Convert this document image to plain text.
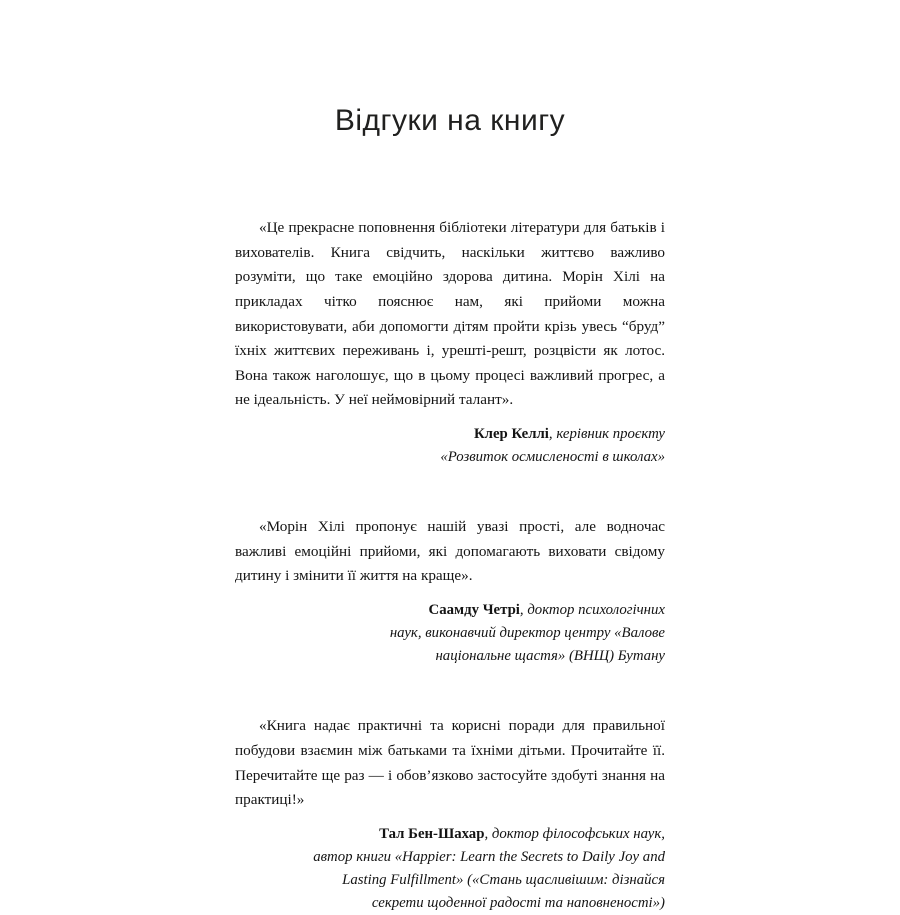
Відгуки на книгу

«Це прекрасне поповнення бібліотеки літератури для батьків і вихователів. Книга свідчить, наскільки життєво важливо розуміти, що таке емоційно здорова дитина. Морін Хілі на прикладах чітко пояснює нам, які прийоми можна використовувати, аби допомогти дітям пройти крізь увесь “бруд” їхніх життєвих переживань і, урешті-решт, розцвісти як лотос. Вона також наголошує, що в цьому процесі важливий прогрес, а не ідеальність. У неї неймовірний талант».

Клер Келлі, керівник проєкту
«Розвиток осмисленості в школах»

«Морін Хілі пропонує нашій увазі прості, але водночас важливі емоційні прийоми, які допомагають виховати свідому дитину і змінити її життя на краще».

Саамду Четрі, доктор психологічних
наук, виконавчий директор центру «Валове
національне щастя» (ВНЩ) Бутану

«Книга надає практичні та корисні поради для правильної побудови взаємин між батьками та їхніми дітьми. Прочитайте її. Перечитайте ще раз — і обов’язково застосуйте здобуті знання на практиці!»

Тал Бен-Шахар, доктор філософських наук,
автор книги «Happier: Learn the Secrets to Daily Joy and
Lasting Fulfillment» («Стань щасливішим: дізнайся
секрети щоденної радості та наповненості»)
